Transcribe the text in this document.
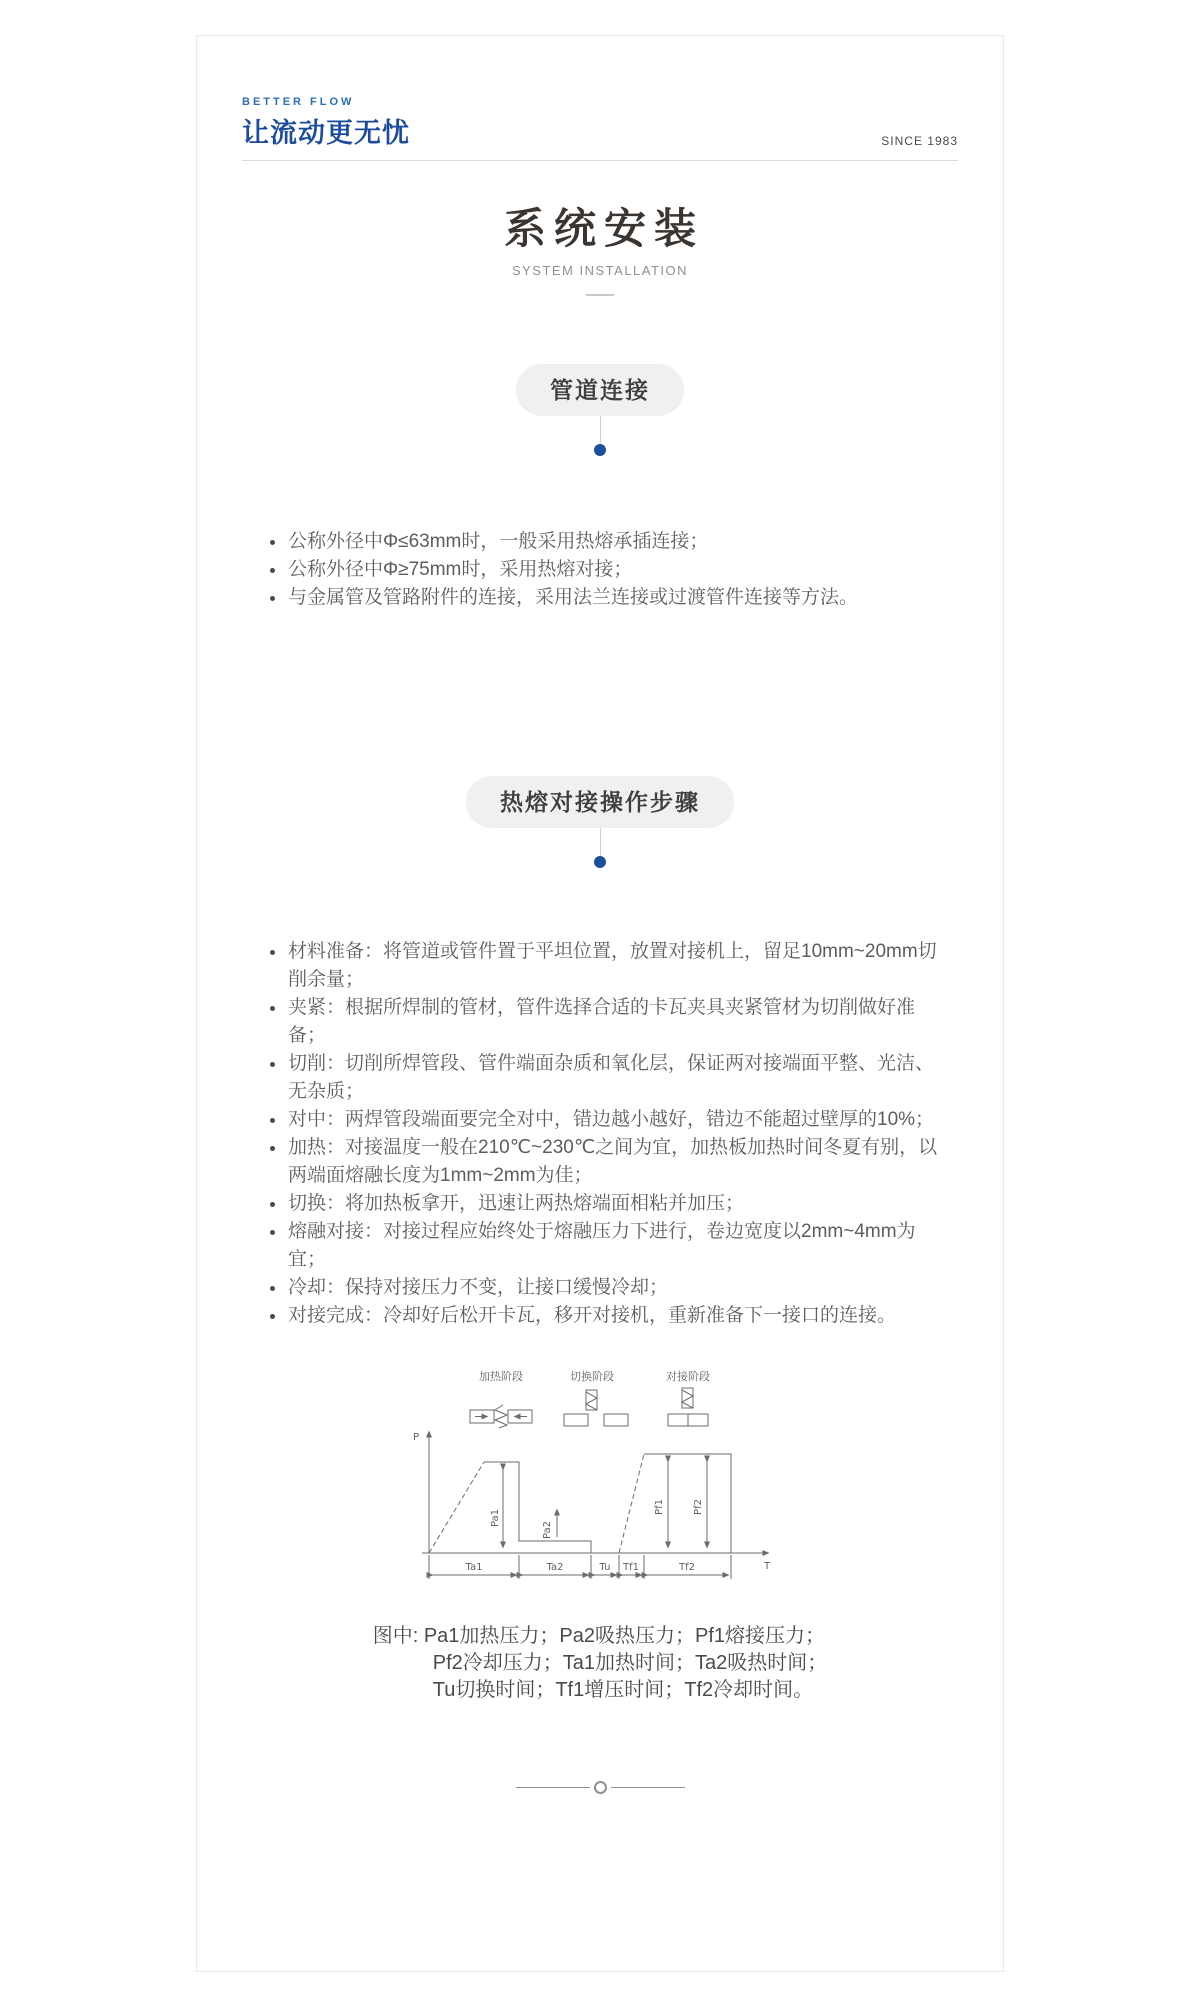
BETTER FLOW
让流动更无忧	SINCE 1983
系统安装
SYSTEM INSTALLATION
管道连接
公称外径中Φ≤63mm时，一般采用热熔承插连接；
公称外径中Φ≥75mm时，采用热熔对接；
与金属管及管路附件的连接，采用法兰连接或过渡管件连接等方法。
热熔对接操作步骤
材料准备：将管道或管件置于平坦位置，放置对接机上，留足10mm~20mm切削余量；
夹紧：根据所焊制的管材，管件选择合适的卡瓦夹具夹紧管材为切削做好准备；
切削：切削所焊管段、管件端面杂质和氧化层，保证两对接端面平整、光洁、无杂质；
对中：两焊管段端面要完全对中，错边越小越好，错边不能超过壁厚的10%；
加热：对接温度一般在210℃~230℃之间为宜，加热板加热时间冬夏有别，以两端面熔融长度为1mm~2mm为佳；
切换：将加热板拿开，迅速让两热熔端面相粘并加压；
熔融对接：对接过程应始终处于熔融压力下进行，卷边宽度以2mm~4mm为宜；
冷却：保持对接压力不变，让接口缓慢冷却；
对接完成：冷却好后松开卡瓦，移开对接机，重新准备下一接口的连接。
加热阶段	切换阶段	对接阶段
P
T
Pa1
Pa2
Pf1	Pf2
Ta1	Ta2	Tu Tf1	Tf2
图中: Pa1加热压力；Pa2吸热压力；Pf1熔接压力；
Pf2冷却压力；Ta1加热时间；Ta2吸热时间；
Tu切换时间；Tf1增压时间；Tf2冷却时间。
